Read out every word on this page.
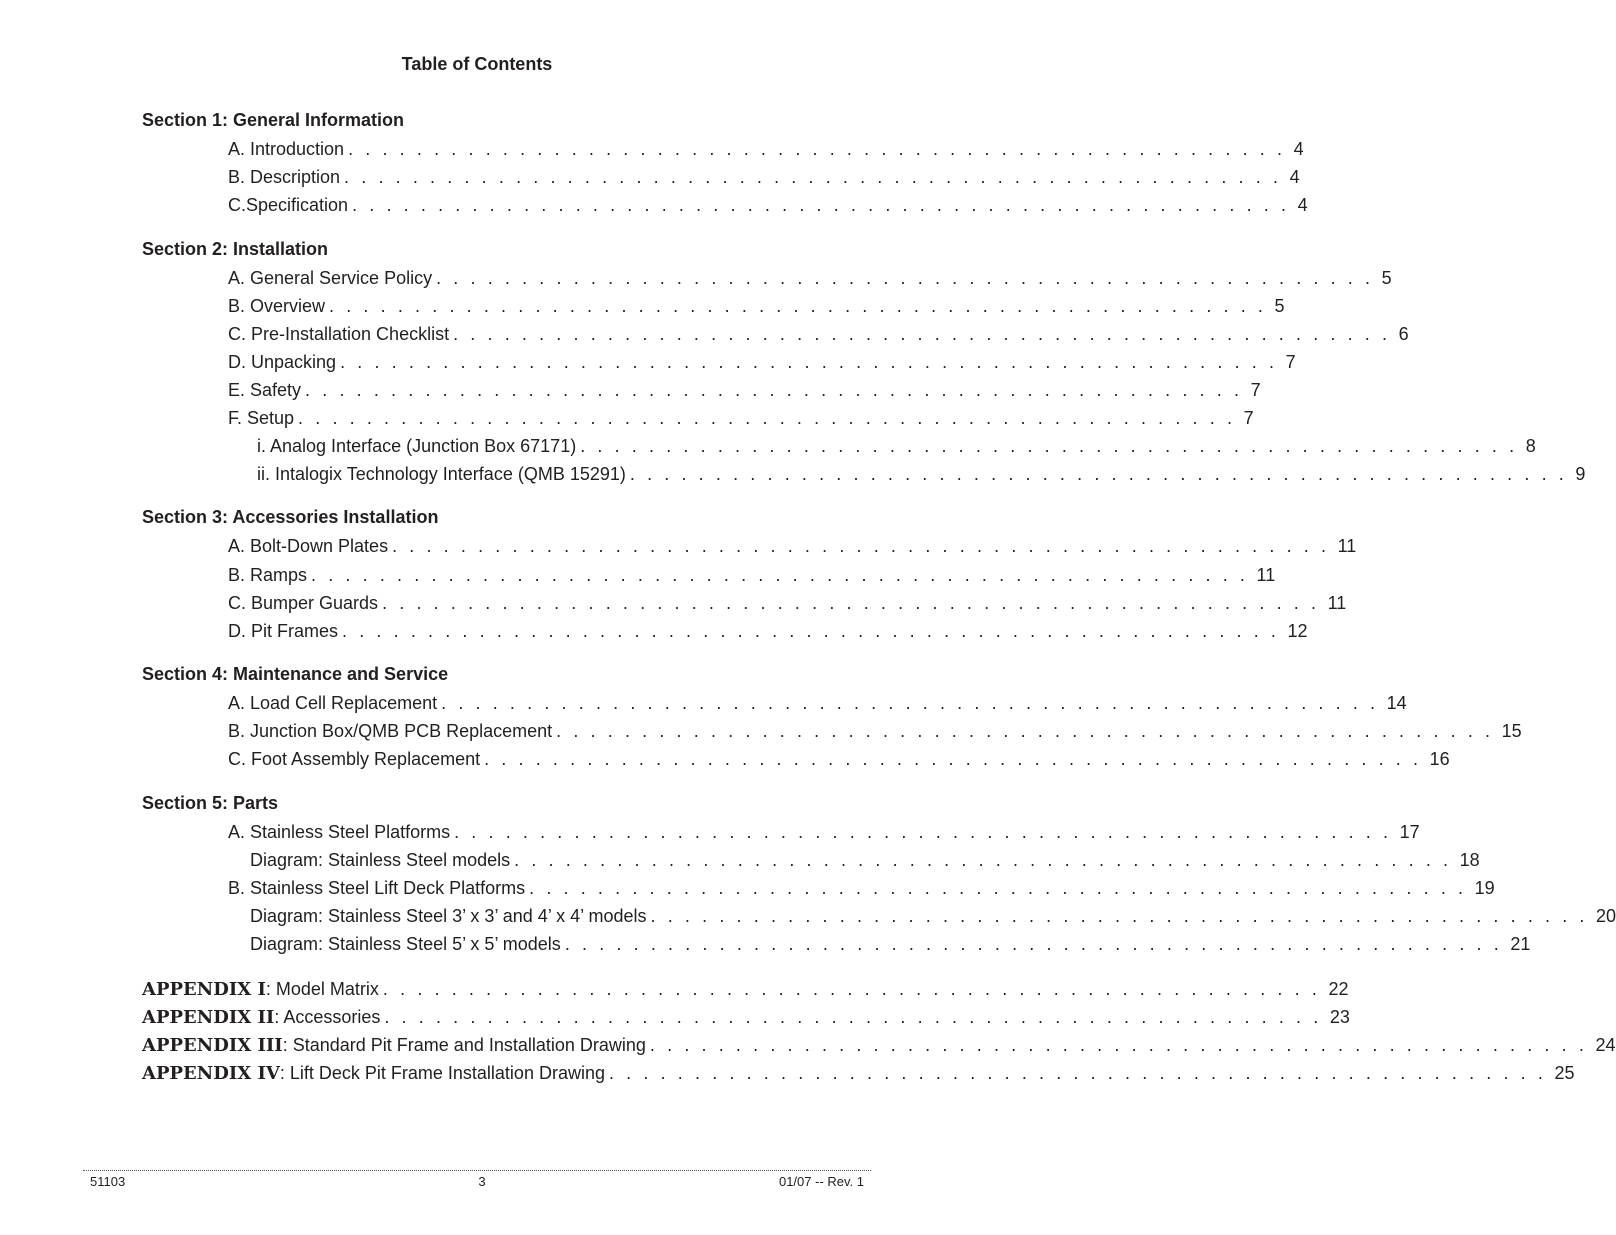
Table of Contents
Section 1: General Information
A. Introduction . . . . . . . . . . . . . . . . . . . . . . . . . . . . . . . . . . . . . . . . . . . . . . . . . . . . . . . 4
B. Description . . . . . . . . . . . . . . . . . . . . . . . . . . . . . . . . . . . . . . . . . . . . . . . . . . . . . . . 4
C.Specification . . . . . . . . . . . . . . . . . . . . . . . . . . . . . . . . . . . . . . . . . . . . . . . . . . . . . . . 4
Section 2: Installation
A. General Service Policy . . . . . . . . . . . . . . . . . . . . . . . . . . . . . . . . . . . . . . . . . . . . . . . . . . . . . . . 5
B. Overview . . . . . . . . . . . . . . . . . . . . . . . . . . . . . . . . . . . . . . . . . . . . . . . . . . . . . . . 5
C. Pre-Installation Checklist . . . . . . . . . . . . . . . . . . . . . . . . . . . . . . . . . . . . . . . . . . . . . . . . . . . . . . . 6
D. Unpacking . . . . . . . . . . . . . . . . . . . . . . . . . . . . . . . . . . . . . . . . . . . . . . . . . . . . . . . 7
E. Safety . . . . . . . . . . . . . . . . . . . . . . . . . . . . . . . . . . . . . . . . . . . . . . . . . . . . . . . 7
F. Setup . . . . . . . . . . . . . . . . . . . . . . . . . . . . . . . . . . . . . . . . . . . . . . . . . . . . . . . 7
i. Analog Interface (Junction Box 67171) . . . . . . . . . . . . . . . . . . . . . . . . . . . . . . . . . . . . . . . . . . . . . . . . . . . . . . . 8
ii. Intalogix Technology Interface (QMB 15291) . . . . . . . . . . . . . . . . . . . . . . . . . . . . . . . . . . . . . . . . . . . . . . . . . . . . . . . 9
Section 3: Accessories Installation
A. Bolt-Down Plates . . . . . . . . . . . . . . . . . . . . . . . . . . . . . . . . . . . . . . . . . . . . . . . . . . . . . . . 11
B. Ramps . . . . . . . . . . . . . . . . . . . . . . . . . . . . . . . . . . . . . . . . . . . . . . . . . . . . . . . 11
C. Bumper Guards . . . . . . . . . . . . . . . . . . . . . . . . . . . . . . . . . . . . . . . . . . . . . . . . . . . . . . . 11
D. Pit Frames . . . . . . . . . . . . . . . . . . . . . . . . . . . . . . . . . . . . . . . . . . . . . . . . . . . . . . . 12
Section 4: Maintenance and Service
A. Load Cell Replacement . . . . . . . . . . . . . . . . . . . . . . . . . . . . . . . . . . . . . . . . . . . . . . . . . . . . . . . 14
B. Junction Box/QMB PCB Replacement . . . . . . . . . . . . . . . . . . . . . . . . . . . . . . . . . . . . . . . . . . . . . . . . . . . . . . . 15
C. Foot Assembly Replacement . . . . . . . . . . . . . . . . . . . . . . . . . . . . . . . . . . . . . . . . . . . . . . . . . . . . . . . 16
Section 5: Parts
A. Stainless Steel Platforms . . . . . . . . . . . . . . . . . . . . . . . . . . . . . . . . . . . . . . . . . . . . . . . . . . . . . . . 17
Diagram: Stainless Steel models . . . . . . . . . . . . . . . . . . . . . . . . . . . . . . . . . . . . . . . . . . . . . . . . . . . . . . . 18
B. Stainless Steel Lift Deck Platforms . . . . . . . . . . . . . . . . . . . . . . . . . . . . . . . . . . . . . . . . . . . . . . . . . . . . . . . 19
Diagram: Stainless Steel 3’ x 3’ and 4’ x 4’ models . . . . . . . . . . . . . . . . . . . . . . . . . . . . . . . . . . . . . . . . . . . . . . . . . . . . . . . 20
Diagram: Stainless Steel 5’ x 5’ models . . . . . . . . . . . . . . . . . . . . . . . . . . . . . . . . . . . . . . . . . . . . . . . . . . . . . . . 21
APPENDIX I: Model Matrix . . . . . . . . . . . . . . . . . . . . . . . . . . . . . . . . . . . . . . . . . . . . . . . . . . . . . . . 22
APPENDIX II: Accessories . . . . . . . . . . . . . . . . . . . . . . . . . . . . . . . . . . . . . . . . . . . . . . . . . . . . . . . 23
APPENDIX III: Standard Pit Frame and Installation Drawing . . . . . . . . . . . . . . . . . . . . . . . . . . . . . . . . . . . . . . . . . . . . . . . . . . . . . . . 24
APPENDIX IV: Lift Deck Pit Frame Installation Drawing . . . . . . . . . . . . . . . . . . . . . . . . . . . . . . . . . . . . . . . . . . . . . . . . . . . . . . . 25
51103	3	01/07 -- Rev. 1
